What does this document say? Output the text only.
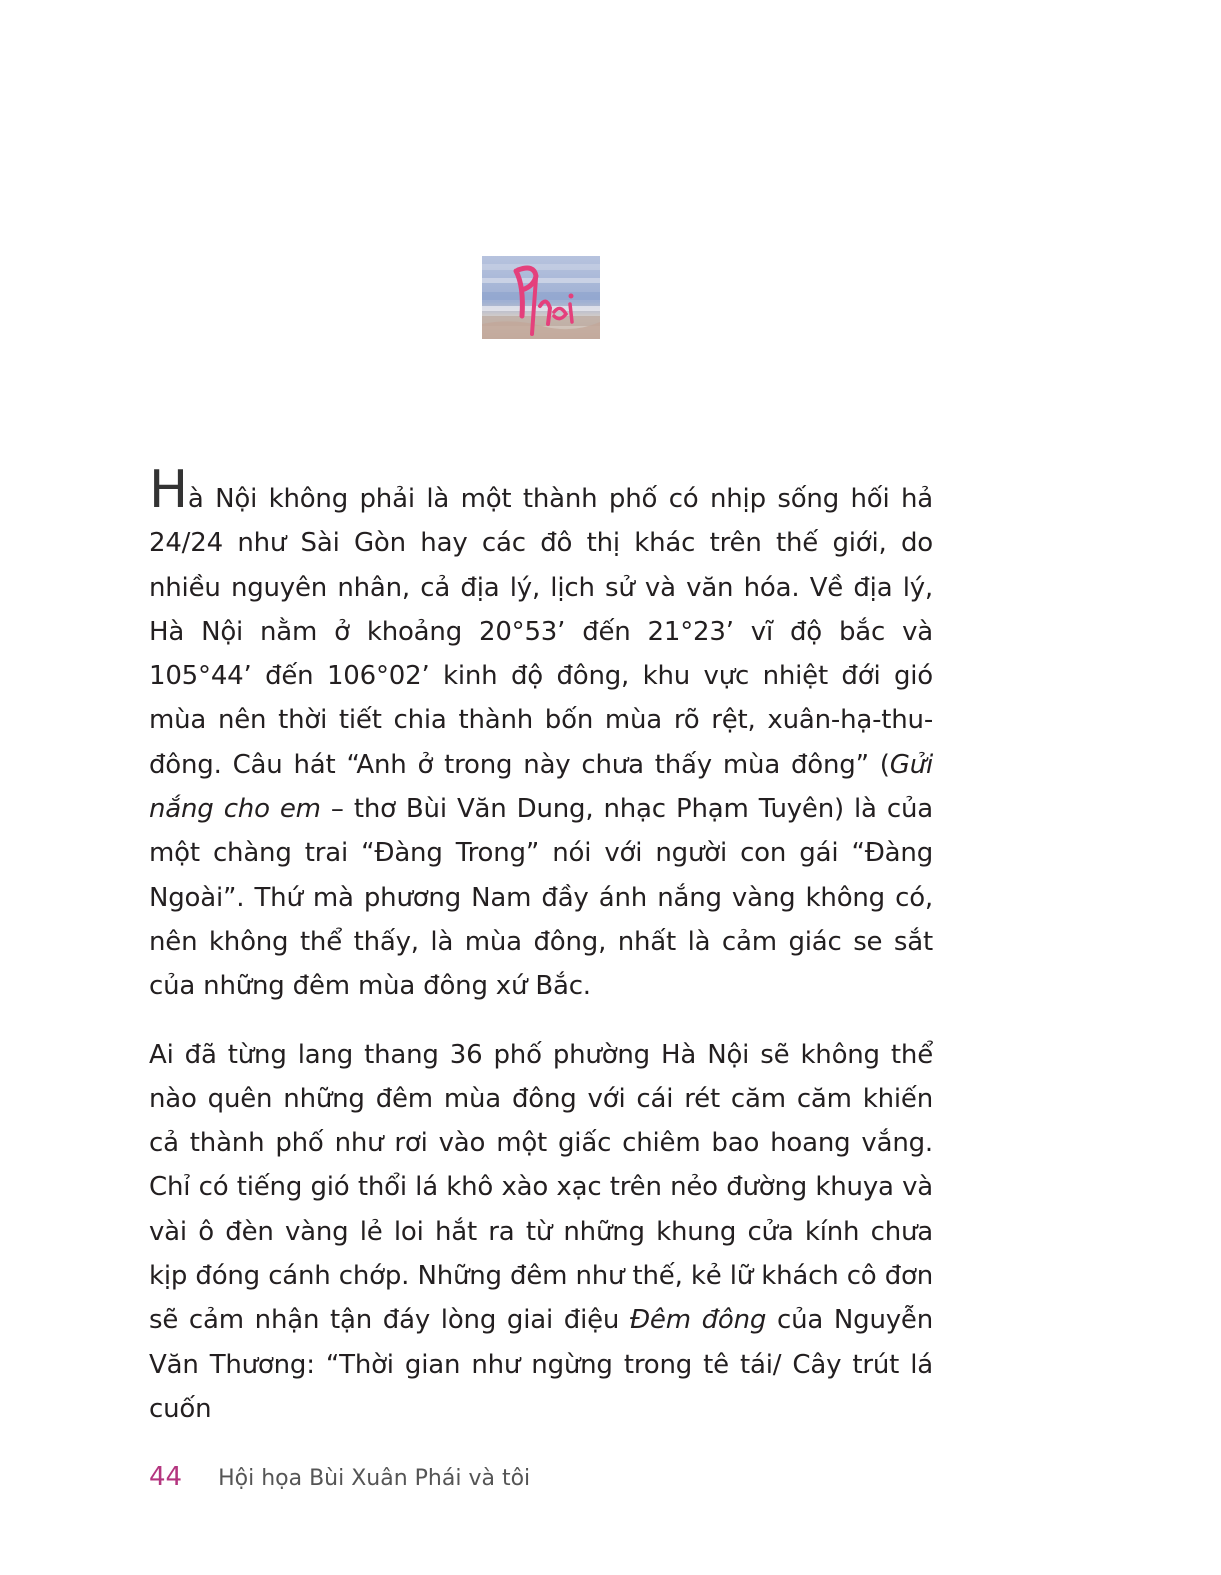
Hà Nội không phải là một thành phố có nhịp sống hối hả 24/24 như Sài Gòn hay các đô thị khác trên thế giới, do nhiều nguyên nhân, cả địa lý, lịch sử và văn hóa. Về địa lý, Hà Nội nằm ở khoảng 20°53’ đến 21°23’ vĩ độ bắc và 105°44’ đến 106°02’ kinh độ đông, khu vực nhiệt đới gió mùa nên thời tiết chia thành bốn mùa rõ rệt, xuân-hạ-thu-đông. Câu hát “Anh ở trong này chưa thấy mùa đông” (Gửi nắng cho em – thơ Bùi Văn Dung, nhạc Phạm Tuyên) là của một chàng trai “Đàng Trong” nói với người con gái “Đàng Ngoài”. Thứ mà phương Nam đầy ánh nắng vàng không có, nên không thể thấy, là mùa đông, nhất là cảm giác se sắt của những đêm mùa đông xứ Bắc.

Ai đã từng lang thang 36 phố phường Hà Nội sẽ không thể nào quên những đêm mùa đông với cái rét căm căm khiến cả thành phố như rơi vào một giấc chiêm bao hoang vắng. Chỉ có tiếng gió thổi lá khô xào xạc trên nẻo đường khuya và vài ô đèn vàng lẻ loi hắt ra từ những khung cửa kính chưa kịp đóng cánh chớp. Những đêm như thế, kẻ lữ khách cô đơn sẽ cảm nhận tận đáy lòng giai điệu Đêm đông của Nguyễn Văn Thương: “Thời gian như ngừng trong tê tái/ Cây trút lá cuốn

44 Hội họa Bùi Xuân Phái và tôi
